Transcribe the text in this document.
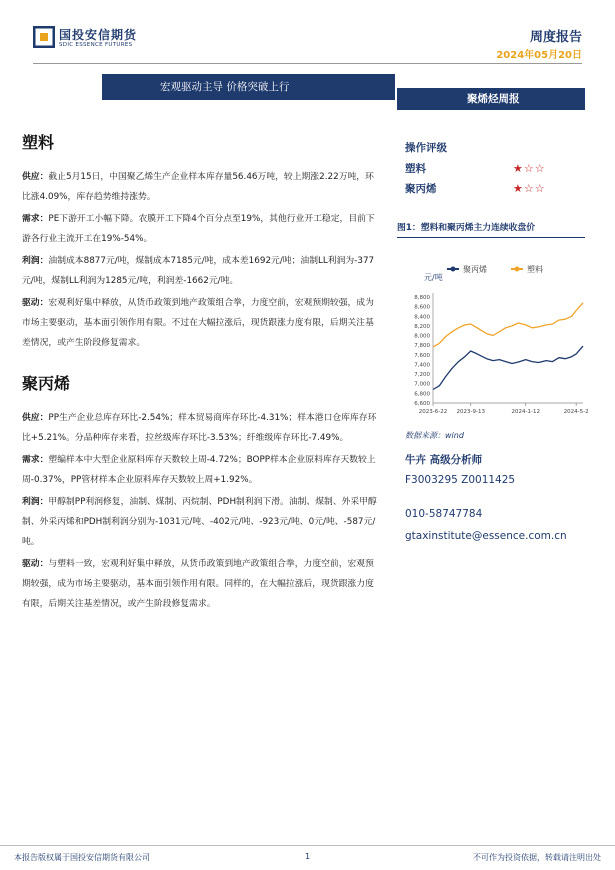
国投安信期货
SDIC ESSENCE FUTURES	周度报告
2024年05月20日
宏观驱动主导 价格突破上行
聚烯烃周报
塑料

供应：截止5月15日，中国聚乙烯生产企业样本库存量56.46万吨，较上期涨2.22万吨，环比涨4.09%，库存趋势维持涨势。

需求：PE下游开工小幅下降。农膜开工下降4个百分点至19%，其他行业开工稳定，目前下游各行业主流开工在19%-54%。

利润：油制成本8877元/吨，煤制成本7185元/吨，成本差1692元/吨；油制LL利润为-377元/吨，煤制LL利润为1285元/吨，利润差-1662元/吨。

驱动：宏观利好集中释放，从货币政策到地产政策组合拳，力度空前，宏观预期较强，成为市场主要驱动，基本面引领作用有限。不过在大幅拉涨后，现货跟涨力度有限，后期关注基差情况，或产生阶段修复需求。

聚丙烯

供应：PP生产企业总库存环比-2.54%；样本贸易商库存环比-4.31%；样本港口仓库库存环比+5.21%。分品种库存来看，拉丝级库存环比-3.53%；纤维级库存环比-7.49%。

需求：塑编样本中大型企业原料库存天数较上周-4.72%；BOPP样本企业原料库存天数较上周-0.37%，PP管材样本企业原料库存天数较上周+1.92%。

利润：甲醇制PP利润修复，油制、煤制、丙烷制、PDH制利润下滑。油制、煤制、外采甲醇制、外采丙烯和PDH制利润分别为-1031元/吨、-402元/吨、-923元/吨、0元/吨、-587元/吨。

驱动：与塑料一致，宏观利好集中释放，从货币政策到地产政策组合拳，力度空前，宏观预期较强，成为市场主要驱动，基本面引领作用有限。同样的，在大幅拉涨后，现货跟涨力度有限，后期关注基差情况，或产生阶段修复需求。

操作评级
塑料	★☆☆
聚丙烯	★☆☆
图1：塑料和聚丙烯主力连续收盘价
元/吨
聚丙烯	塑料
6,600
6,800
7,000
7,200
7,400
7,600
7,800
8,000
8,200
8,400
8,600
8,800
2023-6-22 2023-9-13	2024-1-12	2024-5-2
数据来源：wind
牛卉 高级分析师
F3003295 Z0011425
010-58747784
gtaxinstitute@essence.com.cn
本报告版权属于国投安信期货有限公司	1	不可作为投资依据，转载请注明出处
